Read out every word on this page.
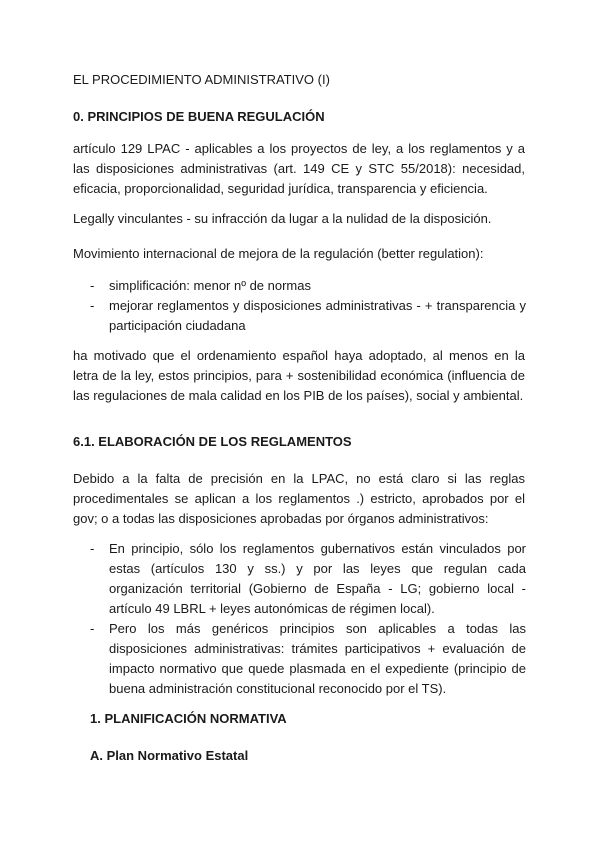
EL PROCEDIMIENTO ADMINISTRATIVO (I)
0. PRINCIPIOS DE BUENA REGULACIÓN
artículo 129 LPAC - aplicables a los proyectos de ley, a los reglamentos y a
las disposiciones administrativas (art. 149 CE y STC 55/2018): necesidad,
eficacia, proporcionalidad, seguridad jurídica, transparencia y eficiencia.
Legally vinculantes - su infracción da lugar a la nulidad de la disposición.
Movimiento internacional de mejora de la regulación (better regulation):
- simplificación: menor nº de normas
- mejorar reglamentos y disposiciones administrativas - + transparencia y
participación ciudadana
ha motivado que el ordenamiento español haya adoptado, al menos en la
letra de la ley, estos principios, para + sostenibilidad económica (influencia de
las regulaciones de mala calidad en los PIB de los países), social y ambiental.
6.1. ELABORACIÓN DE LOS REGLAMENTOS
Debido a la falta de precisión en la LPAC, no está claro si las reglas
procedimentales se aplican a los reglamentos .) estricto, aprobados por el
gov; o a todas las disposiciones aprobadas por órganos administrativos:
- En principio, sólo los reglamentos gubernativos están vinculados por
estas (artículos 130 y ss.) y por las leyes que regulan cada
organización territorial (Gobierno de España - LG; gobierno local -
artículo 49 LBRL + leyes autonómicas de régimen local).
- Pero los más genéricos principios son aplicables a todas las
disposiciones administrativas: trámites participativos + evaluación de
impacto normativo que quede plasmada en el expediente (principio de
buena administración constitucional reconocido por el TS).
1. PLANIFICACIÓN NORMATIVA
A. Plan Normativo Estatal
